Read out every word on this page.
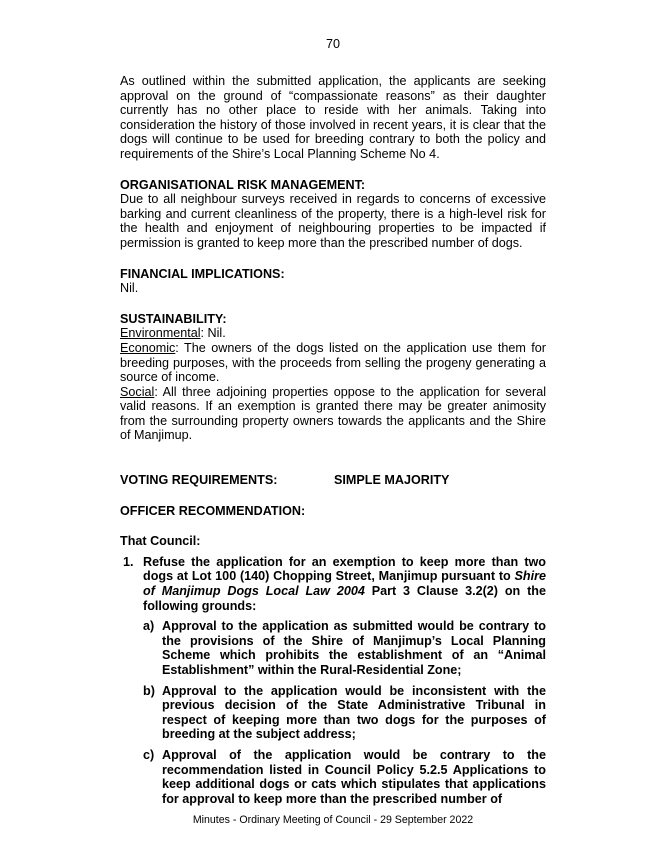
70

As outlined within the submitted application, the applicants are seeking approval on the ground of “compassionate reasons” as their daughter currently has no other place to reside with her animals. Taking into consideration the history of those involved in recent years, it is clear that the dogs will continue to be used for breeding contrary to both the policy and requirements of the Shire’s Local Planning Scheme No 4.

ORGANISATIONAL RISK MANAGEMENT:

Due to all neighbour surveys received in regards to concerns of excessive barking and current cleanliness of the property, there is a high-level risk for the health and enjoyment of neighbouring properties to be impacted if permission is granted to keep more than the prescribed number of dogs.

FINANCIAL IMPLICATIONS:

Nil.

SUSTAINABILITY:

Environmental: Nil.

Economic: The owners of the dogs listed on the application use them for breeding purposes, with the proceeds from selling the progeny generating a source of income.

Social: All three adjoining properties oppose to the application for several valid reasons. If an exemption is granted there may be greater animosity from the surrounding property owners towards the applicants and the Shire of Manjimup.

VOTING REQUIREMENTS:	SIMPLE MAJORITY

OFFICER RECOMMENDATION:

That Council:

1. Refuse the application for an exemption to keep more than two dogs at Lot 100 (140) Chopping Street, Manjimup pursuant to Shire of Manjimup Dogs Local Law 2004 Part 3 Clause 3.2(2) on the following grounds:

a) Approval to the application as submitted would be contrary to the provisions of the Shire of Manjimup’s Local Planning Scheme which prohibits the establishment of an “Animal Establishment” within the Rural-Residential Zone;

b) Approval to the application would be inconsistent with the previous decision of the State Administrative Tribunal in respect of keeping more than two dogs for the purposes of breeding at the subject address;

c) Approval of the application would be contrary to the recommendation listed in Council Policy 5.2.5 Applications to keep additional dogs or cats which stipulates that applications for approval to keep more than the prescribed number of

Minutes - Ordinary Meeting of Council - 29 September 2022
